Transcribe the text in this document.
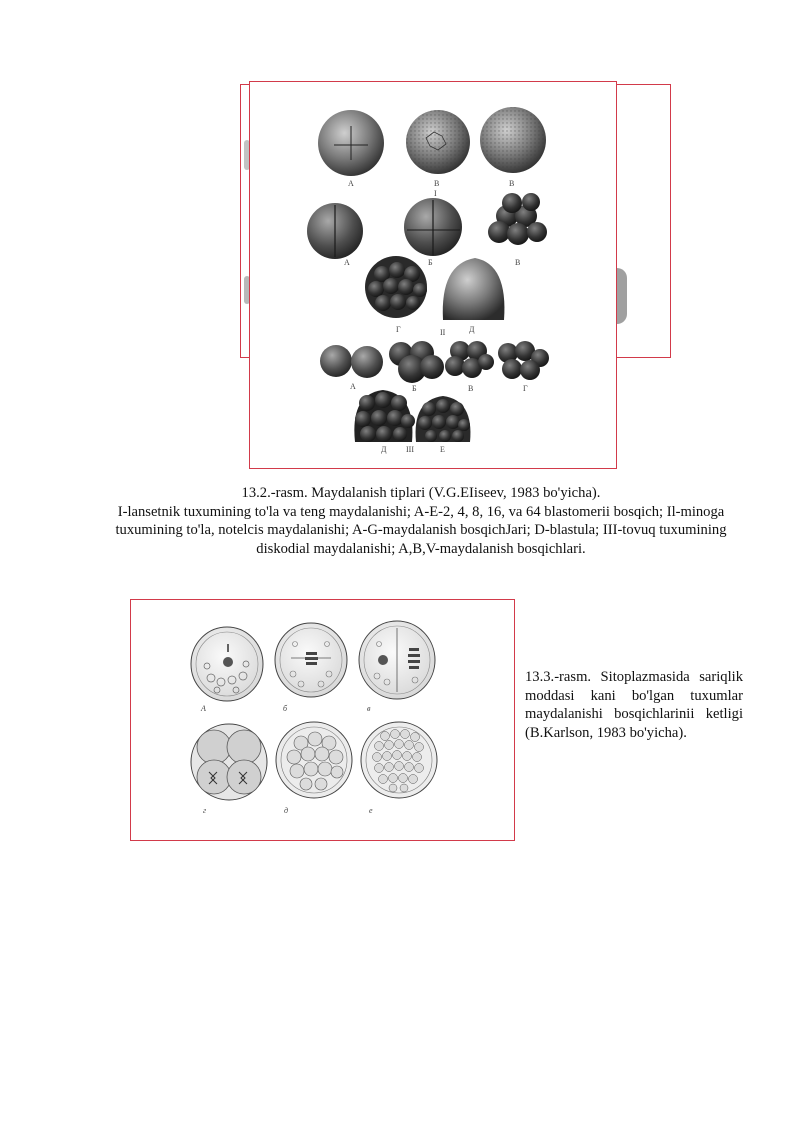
A	B	B
I
A	Б	B
Г	II	Д
A	Б	B	Г
Д III	E
13.2.-rasm. Maydalanish tiplari (V.G.EIiseev, 1983 bo'yicha).
I-lansetnik tuxumining to'la va teng maydalanishi; A-E-2, 4, 8, 16, va 64 blastomerii bosqich; Il-minoga tuxumining to'la, notelcis maydalanishi; A-G-maydalanish bosqichJari; D-blastula; III-tovuq tuxumining diskodial maydalanishi; A,B,V-maydalanish bosqichlari.
A	б	в
г	д	е
13.3.-rasm. Sitoplazmasida sariqlik moddasi kani bo'lgan tuxumlar maydalanishi bosqichlarinii ketligi (B.Karlson, 1983 bo'yicha).
